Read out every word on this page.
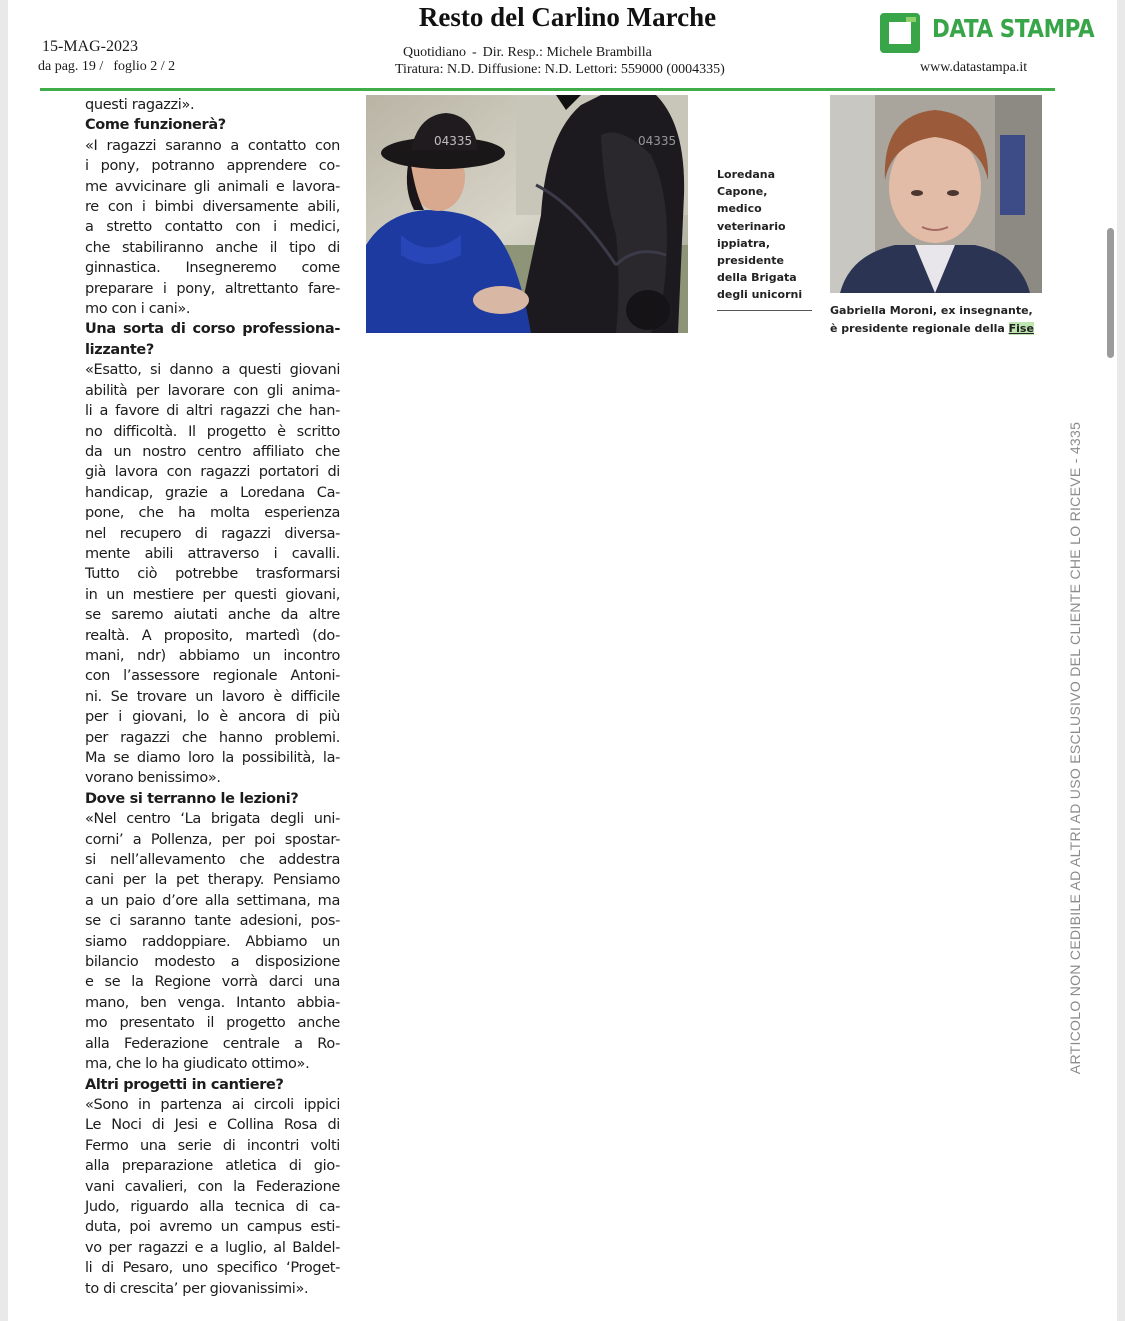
Resto del Carlino Marche
15-MAG-2023
da pag. 19 / foglio 2 / 2
Quotidiano - Dir. Resp.: Michele Brambilla
Tiratura: N.D. Diffusione: N.D. Lettori: 559000 (0004335)
DATA STAMPA
www.datastampa.it
questi ragazzi».
Come funzionerà?
«I ragazzi saranno a contatto con
i pony, potranno apprendere co-
me avvicinare gli animali e lavora-
re con i bimbi diversamente abili,
a stretto contatto con i medici,
che stabiliranno anche il tipo di
ginnastica. Insegneremo come
preparare i pony, altrettanto fare-
mo con i cani».
Una sorta di corso professiona-
lizzante?
«Esatto, si danno a questi giovani
abilità per lavorare con gli anima-
li a favore di altri ragazzi che han-
no difficoltà. Il progetto è scritto
da un nostro centro affiliato che
già lavora con ragazzi portatori di
handicap, grazie a Loredana Ca-
pone, che ha molta esperienza
nel recupero di ragazzi diversa-
mente abili attraverso i cavalli.
Tutto ciò potrebbe trasformarsi
in un mestiere per questi giovani,
se saremo aiutati anche da altre
realtà. A proposito, martedì (do-
mani, ndr) abbiamo un incontro
con l’assessore regionale Antoni-
ni. Se trovare un lavoro è difficile
per i giovani, lo è ancora di più
per ragazzi che hanno problemi.
Ma se diamo loro la possibilità, la-
vorano benissimo».
Dove si terranno le lezioni?
«Nel centro ‘La brigata degli uni-
corni’ a Pollenza, per poi spostar-
si nell’allevamento che addestra
cani per la pet therapy. Pensiamo
a un paio d’ore alla settimana, ma
se ci saranno tante adesioni, pos-
siamo raddoppiare. Abbiamo un
bilancio modesto a disposizione
e se la Regione vorrà darci una
mano, ben venga. Intanto abbia-
mo presentato il progetto anche
alla Federazione centrale a Ro-
ma, che lo ha giudicato ottimo».
Altri progetti in cantiere?
«Sono in partenza ai circoli ippici
Le Noci di Jesi e Collina Rosa di
Fermo una serie di incontri volti
alla preparazione atletica di gio-
vani cavalieri, con la Federazione
Judo, riguardo alla tecnica di ca-
duta, poi avremo un campus esti-
vo per ragazzi e a luglio, al Baldel-
li di Pesaro, uno specifico ‘Proget-
to di crescita’ per giovanissimi».
04335	04335
Loredana
Capone,
medico
veterinario
ippiatra,
presidente
della Brigata
degli unicorni
Gabriella Moroni, ex insegnante,
è presidente regionale della Fise
ARTICOLO NON CEDIBILE AD ALTRI AD USO ESCLUSIVO DEL CLIENTE CHE LO RICEVE - 4335
